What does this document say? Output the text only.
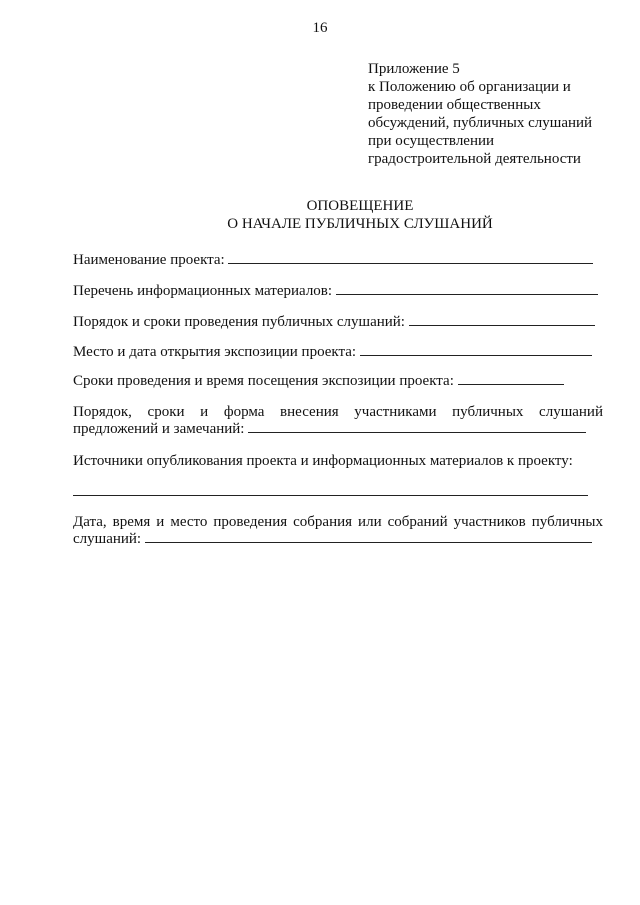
16
Приложение 5
к Положению об организации и
проведении общественных
обсуждений, публичных слушаний
при осуществлении
градостроительной деятельности
ОПОВЕЩЕНИЕ
О НАЧАЛЕ ПУБЛИЧНЫХ СЛУШАНИЙ
Наименование проекта:
Перечень информационных материалов:
Порядок и сроки проведения публичных слушаний:
Место и дата открытия экспозиции проекта:
Сроки проведения и время посещения экспозиции проекта:
Порядок, сроки и форма внесения участниками публичных слушаний
предложений и замечаний:
Источники опубликования проекта и информационных материалов к проекту:
Дата, время и место проведения собрания или собраний участников публичных
слушаний:
